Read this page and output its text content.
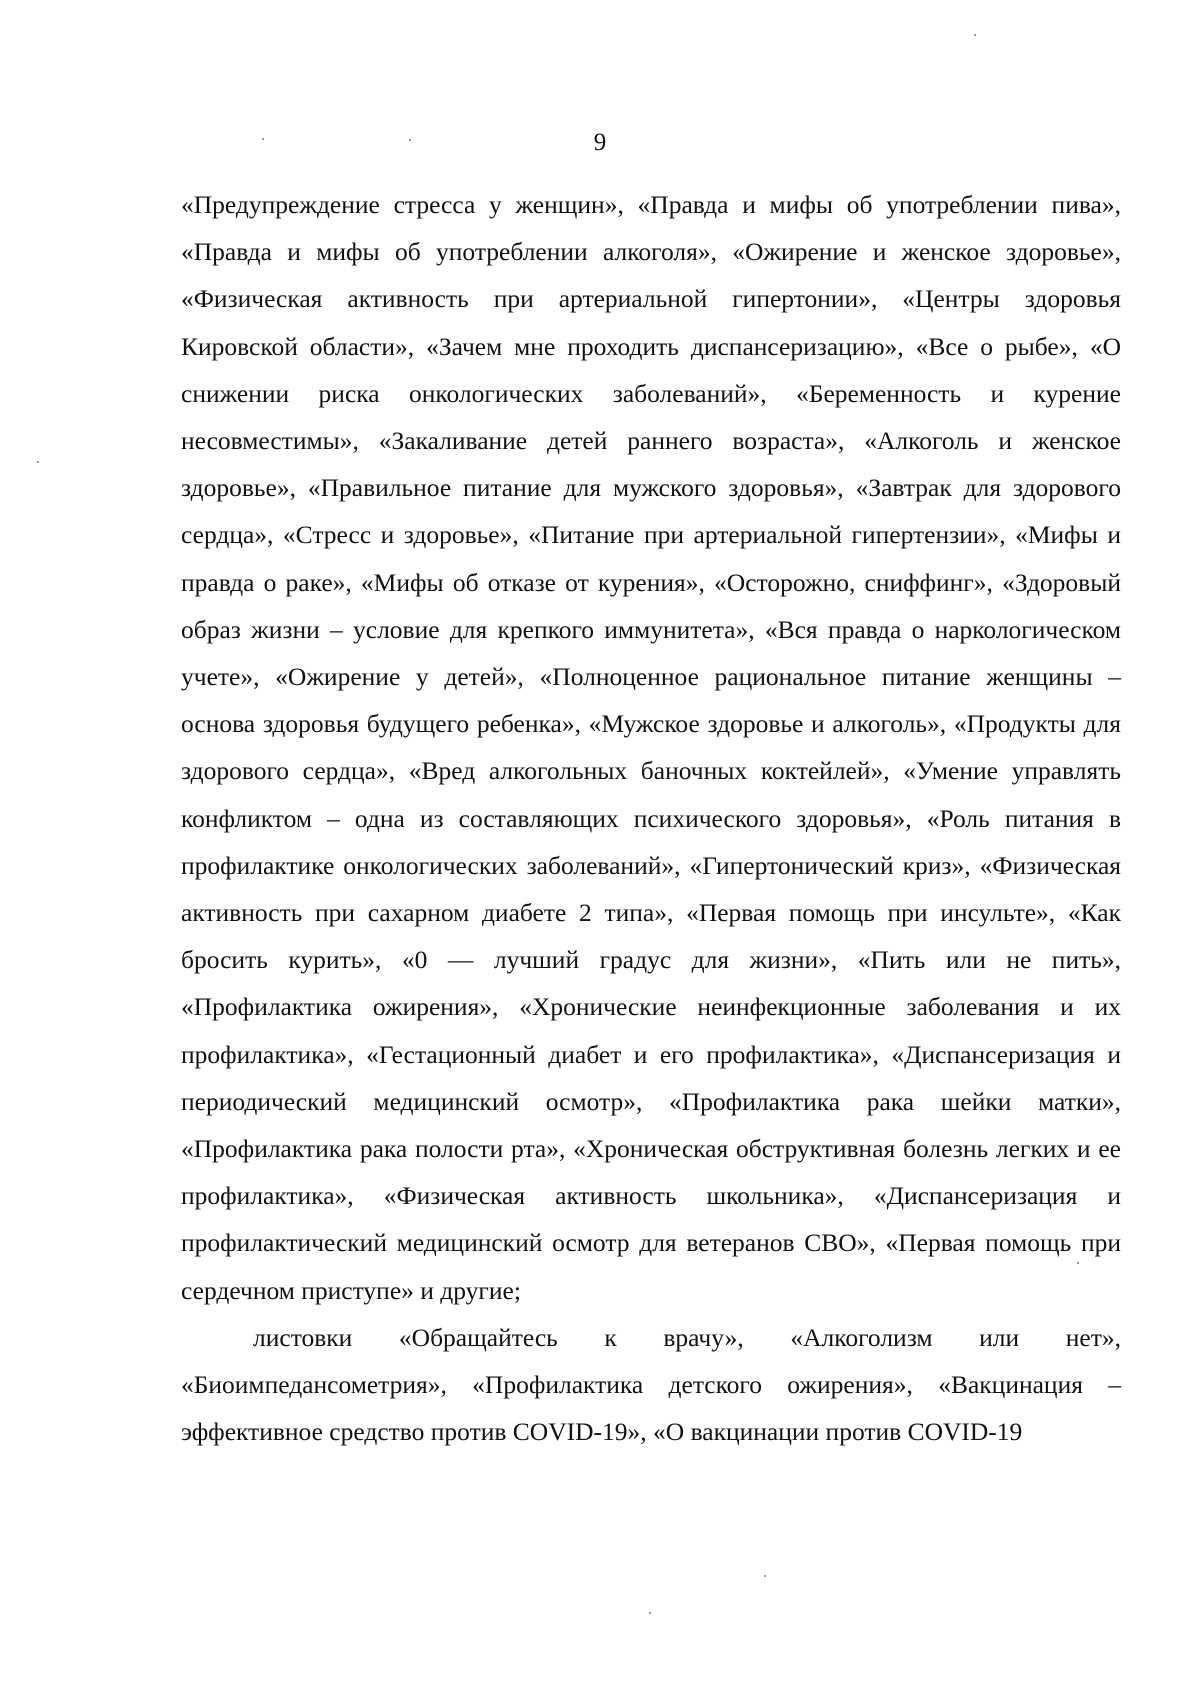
9

«Предупреждение стресса у женщин», «Правда и мифы об употреблении пива», «Правда и мифы об употреблении алкоголя», «Ожирение и женское здоровье», «Физическая активность при артериальной гипертонии», «Центры здоровья Кировской области», «Зачем мне проходить диспансеризацию», «Все о рыбе», «О снижении риска онкологических заболеваний», «Беременность и курение несовместимы», «Закаливание детей раннего возраста», «Алкоголь и женское здоровье», «Правильное питание для мужского здоровья», «Завтрак для здорового сердца», «Стресс и здоровье», «Питание при артериальной гипертензии», «Мифы и правда о раке», «Мифы об отказе от курения», «Осторожно, сниффинг», «Здоровый образ жизни – условие для крепкого иммунитета», «Вся правда о наркологическом учете», «Ожирение у детей», «Полноценное рациональное питание женщины – основа здоровья будущего ребенка», «Мужское здоровье и алкоголь», «Продукты для здорового сердца», «Вред алкогольных баночных коктейлей», «Умение управлять конфликтом – одна из составляющих психического здоровья», «Роль питания в профилактике онкологических заболеваний», «Гипертонический криз», «Физическая активность при сахарном диабете 2 типа», «Первая помощь при инсульте», «Как бросить курить», «0 — лучший градус для жизни», «Пить или не пить», «Профилактика ожирения», «Хронические неинфекционные заболевания и их профилактика», «Гестационный диабет и его профилактика», «Диспансеризация и периодический медицинский осмотр», «Профилактика рака шейки матки», «Профилактика рака полости рта», «Хроническая обструктивная болезнь легких и ее профилактика», «Физическая активность школьника», «Диспансеризация и профилактический медицинский осмотр для ветеранов СВО», «Первая помощь при сердечном приступе» и другие;

листовки «Обращайтесь к врачу», «Алкоголизм или нет», «Биоимпедансометрия», «Профилактика детского ожирения», «Вакцинация – эффективное средство против COVID-19», «О вакцинации против COVID-19
